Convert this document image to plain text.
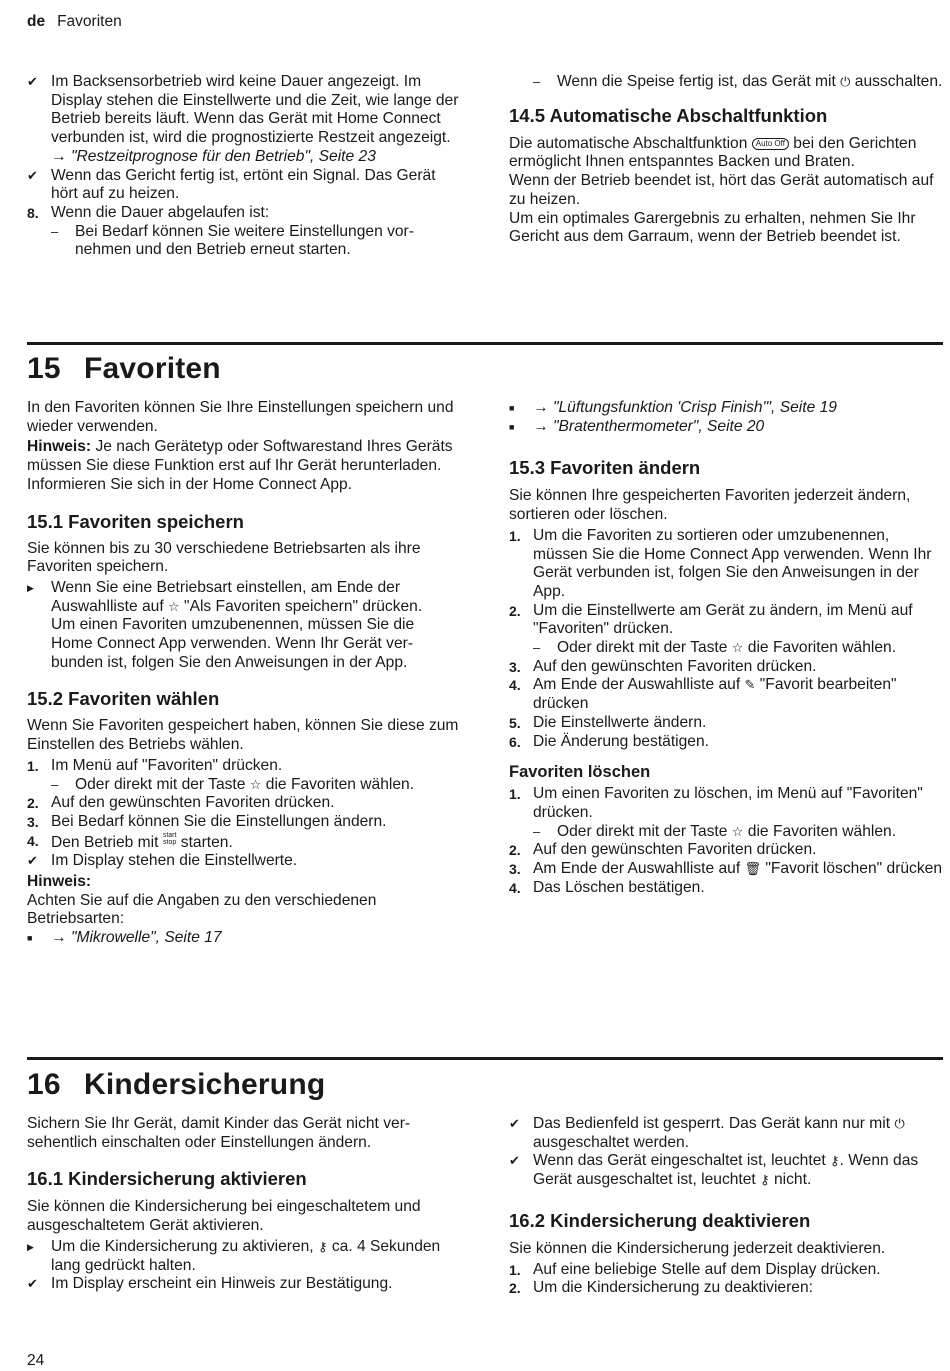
de Favoriten
✔ Im Backsensorbetrieb wird keine Dauer angezeigt. Im Display stehen die Einstellwerte und die Zeit, wie lange der Betrieb bereits läuft. Wenn das Gerät mit Home Connect verbunden ist, wird die prognostizierte Restzeit angezeigt.
→ "Restzeitprognose für den Betrieb", Seite 23
✔ Wenn das Gericht fertig ist, ertönt ein Signal. Das Gerät hört auf zu heizen.
8. Wenn die Dauer abgelaufen ist:
–	Bei Bedarf können Sie weitere Einstellungen vornehmen und den Betrieb erneut starten.
–	Wenn die Speise fertig ist, das Gerät mit ⏻ ausschalten.
14.5 Automatische Abschaltfunktion

Die automatische Abschaltfunktion Auto Off bei den Gerichten ermöglicht Ihnen entspanntes Backen und Braten.

Wenn der Betrieb beendet ist, hört das Gerät automatisch auf zu heizen.

Um ein optimales Garergebnis zu erhalten, nehmen Sie Ihr Gericht aus dem Garraum, wenn der Betrieb beendet ist.

15 Favoriten

In den Favoriten können Sie Ihre Einstellungen speichern und wieder verwenden.

Hinweis: Je nach Gerätetyp oder Softwarestand Ihres Geräts müssen Sie diese Funktion erst auf Ihr Gerät herunterladen. Informieren Sie sich in der Home Connect App.

15.1 Favoriten speichern

Sie können bis zu 30 verschiedene Betriebsarten als ihre Favoriten speichern.

▶	Wenn Sie eine Betriebsart einstellen, am Ende der Auswahlliste auf ☆ "Als Favoriten speichern" drücken.
Um einen Favoriten umzubenennen, müssen Sie die Home Connect App verwenden. Wenn Ihr Gerät verbunden ist, folgen Sie den Anweisungen in der App.
15.2 Favoriten wählen

Wenn Sie Favoriten gespeichert haben, können Sie diese zum Einstellen des Betriebs wählen.

1. Im Menü auf "Favoriten" drücken.
–	Oder direkt mit der Taste ☆ die Favoriten wählen.
2. Auf den gewünschten Favoriten drücken.
3. Bei Bedarf können Sie die Einstellungen ändern.
4. Den Betrieb mit start
stop starten.
✔ Im Display stehen die Einstellwerte.

Hinweis:

Achten Sie auf die Angaben zu den verschiedenen Betriebsarten:

■	→ "Mikrowelle", Seite 17
■	→ "Lüftungsfunktion 'Crisp Finish'", Seite 19
■	→ "Bratenthermometer", Seite 20
15.3 Favoriten ändern

Sie können Ihre gespeicherten Favoriten jederzeit ändern, sortieren oder löschen.

1. Um die Favoriten zu sortieren oder umzubenennen, müssen Sie die Home Connect App verwenden. Wenn Ihr Gerät verbunden ist, folgen Sie den Anweisungen in der App.
2. Um die Einstellwerte am Gerät zu ändern, im Menü auf "Favoriten" drücken.
–	Oder direkt mit der Taste ☆ die Favoriten wählen.
3. Auf den gewünschten Favoriten drücken.
4. Am Ende der Auswahlliste auf ✎ "Favorit bearbeiten" drücken
5. Die Einstellwerte ändern.
6. Die Änderung bestätigen.
Favoriten löschen
1. Um einen Favoriten zu löschen, im Menü auf "Favoriten" drücken.
–	Oder direkt mit der Taste ☆ die Favoriten wählen.
2. Auf den gewünschten Favoriten drücken.
3. Am Ende der Auswahlliste auf 🗑 "Favorit löschen" drücken
4. Das Löschen bestätigen.
16 Kindersicherung

Sichern Sie Ihr Gerät, damit Kinder das Gerät nicht versehentlich einschalten oder Einstellungen ändern.

16.1 Kindersicherung aktivieren

Sie können die Kindersicherung bei eingeschaltetem und ausgeschaltetem Gerät aktivieren.

▶	Um die Kindersicherung zu aktivieren, ⚷ ca. 4 Sekunden lang gedrückt halten.
✔ Im Display erscheint ein Hinweis zur Bestätigung.
✔ Das Bedienfeld ist gesperrt. Das Gerät kann nur mit ⏻ ausgeschaltet werden.
✔ Wenn das Gerät eingeschaltet ist, leuchtet ⚷. Wenn das Gerät ausgeschaltet ist, leuchtet ⚷ nicht.
16.2 Kindersicherung deaktivieren

Sie können die Kindersicherung jederzeit deaktivieren.

1. Auf eine beliebige Stelle auf dem Display drücken.
2. Um die Kindersicherung zu deaktivieren:
24
